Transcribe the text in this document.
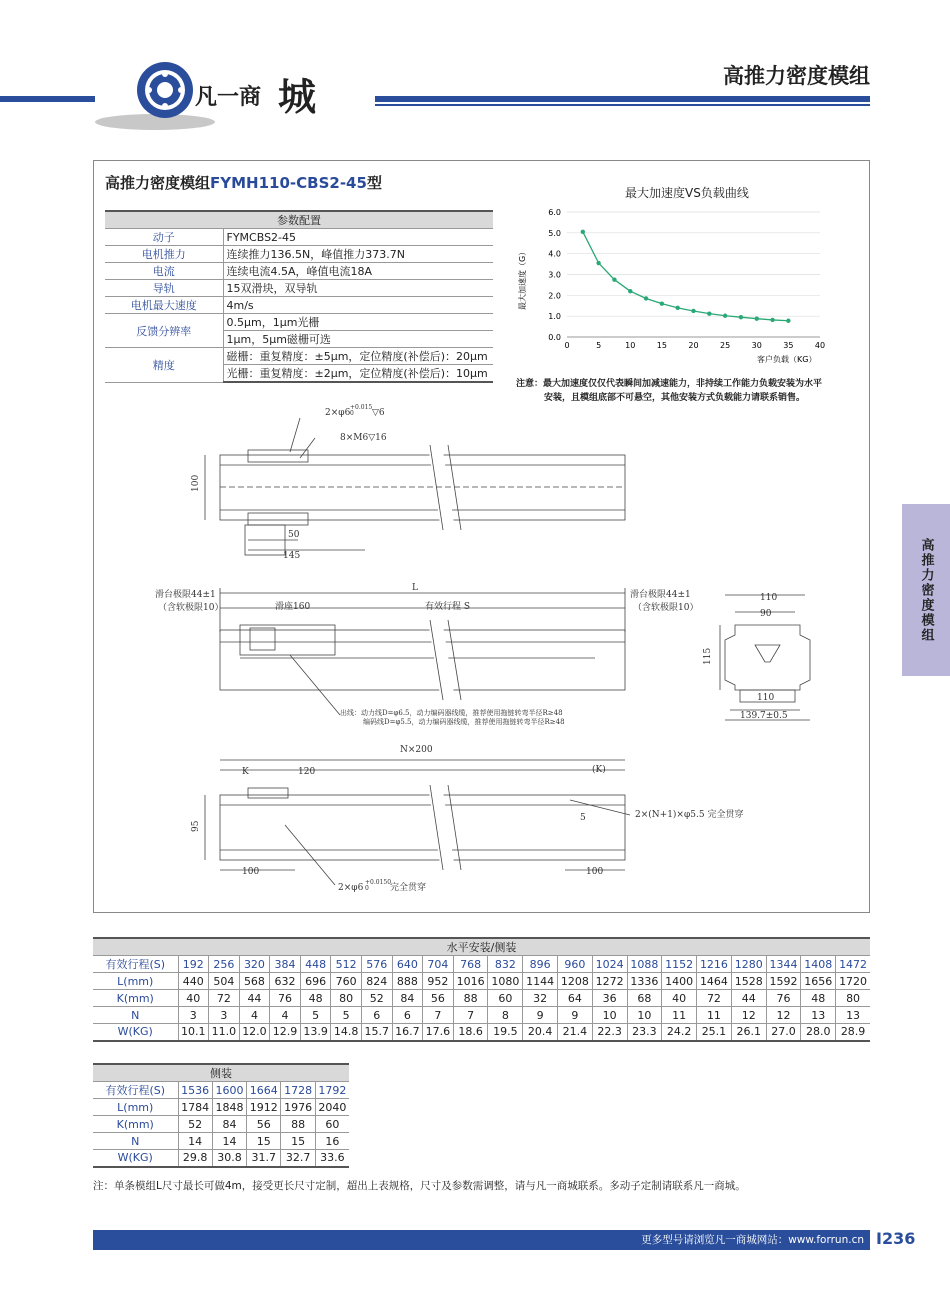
凡一商 城	高推力密度模组
高推力密度模组FYMH110-CBS2-45型
参数配置	
动子	FYMCBS2-45
电机推力	连续推力136.5N，峰值推力373.7N
电流	连续电流4.5A，峰值电流18A
导轨	15双滑块，双导轨
电机最大速度	4m/s
反馈分辨率	0.5μm，1μm光栅
	1μm，5μm磁栅可选
精度	磁栅：重复精度：±5μm，定位精度(补偿后)：20μm
	光栅：重复精度：±2μm，定位精度(补偿后)：10μm
最大加速度VS负载曲线
0.0
1.0
2.0
3.0
4.0
5.0
6.0
0	5	10	15	20	25	30	35	40
最大加速度（G）
客户负载（KG）
注意：最大加速度仅仅代表瞬间加减速能力，非持续工作能力负载安装为水平
安装，且模组底部不可悬空，其他安装方式负载能力请联系销售。
2×φ6
+0.015
0 ▽6
8×M6▽16
100
50
145
L
滑台极限44±1
（含软极限10）
滑台极限44±1
（含软极限10）
滑座160	有效行程 S
出线：动力线D=φ6.5，动力编码器线缆，推荐使用拖链转弯半径R≥48
编码线D=φ5.5，动力编码器线缆，推荐使用拖链转弯半径R≥48
110
90
115
110
139.7±0.5
N×200
K	(K)
120
95
100	100
2×(N+1)×φ5.5 完全贯穿
5
2×φ6
+0.0150
0 完全贯穿
高推力密度模组
水平安装/侧装																					
有效行程(S)	192	256	320	384	448	512	576	640	704	768	832	896	960	1024	1088	1152	1216	1280	1344	1408	1472
L(mm)	440	504	568	632	696	760	824	888	952	1016	1080	1144	1208	1272	1336	1400	1464	1528	1592	1656	1720
K(mm)	40	72	44	76	48	80	52	84	56	88	60	32	64	36	68	40	72	44	76	48	80
N	3	3	4	4	5	5	6	6	7	7	8	9	9	10	10	11	11	12	12	13	13
W(KG)	10.1	11.0	12.0	12.9	13.9	14.8	15.7	16.7	17.6	18.6	19.5	20.4	21.4	22.3	23.3	24.2	25.1	26.1	27.0	28.0	28.9
侧装					
有效行程(S)	1536	1600	1664	1728	1792
L(mm)	1784	1848	1912	1976	2040
K(mm)	52	84	56	88	60
N	14	14	15	15	16
W(KG)	29.8	30.8	31.7	32.7	33.6
注：单条模组L尺寸最长可做4m，接受更长尺寸定制，超出上表规格，尺寸及参数需调整，请与凡一商城联系。多动子定制请联系凡一商城。
更多型号请浏览凡一商城网站：www.forrun.cn I236
